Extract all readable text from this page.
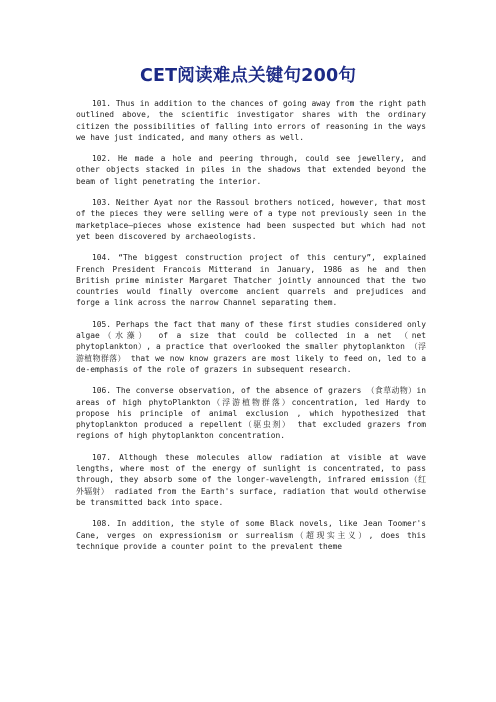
CET阅读难点关键句200句

101. Thus in addition to the chances of going away from the right path outlined above, the scientific investigator shares with the ordinary citizen the possibilities of falling into errors of reasoning in the ways we have just indicated, and many others as well.

102. He made a hole and peering through, could see jewellery, and other objects stacked in piles in the shadows that extended beyond the beam of light penetrating the interior.

103. Neither Ayat nor the Rassoul brothers noticed, however, that most of the pieces they were selling were of a type not previously seen in the marketplace—pieces whose existence had been suspected but which had not yet been discovered by archaeologists.

104. “The biggest construction project of this century”, explained French President Francois Mitterand in January, 1986 as he and then British prime minister Margaret Thatcher jointly announced that the two countries would finally overcome ancient quarrels and prejudices and forge a link across the narrow Channel separating them.

105. Perhaps the fact that many of these first studies considered only algae（水藻） of a size that could be collected in a net （net phytoplankton）, a practice that overlooked the smaller phytoplankton （浮游植物群落） that we now know grazers are most likely to feed on, led to a de-emphasis of the role of grazers in subsequent research.

106. The converse observation, of the absence of grazers （食草动物）in areas of high phytoPlankton（浮游植物群落）concentration, led Hardy to propose his principle of animal exclusion , which hypothesized that phytoplankton produced a repellent（驱虫剂） that excluded grazers from regions of high phytoplankton concentration.

107. Although these molecules allow radiation at visible at wave lengths, where most of the energy of sunlight is concentrated, to pass through, they absorb some of the longer-wavelength, infrared emission（红外辐射） radiated from the Earth's surface, radiation that would otherwise be transmitted back into space.

108. In addition, the style of some Black novels, like Jean Toomer's Cane, verges on expressionism or surrealism（超现实主义）, does this technique provide a counter point to the prevalent theme
